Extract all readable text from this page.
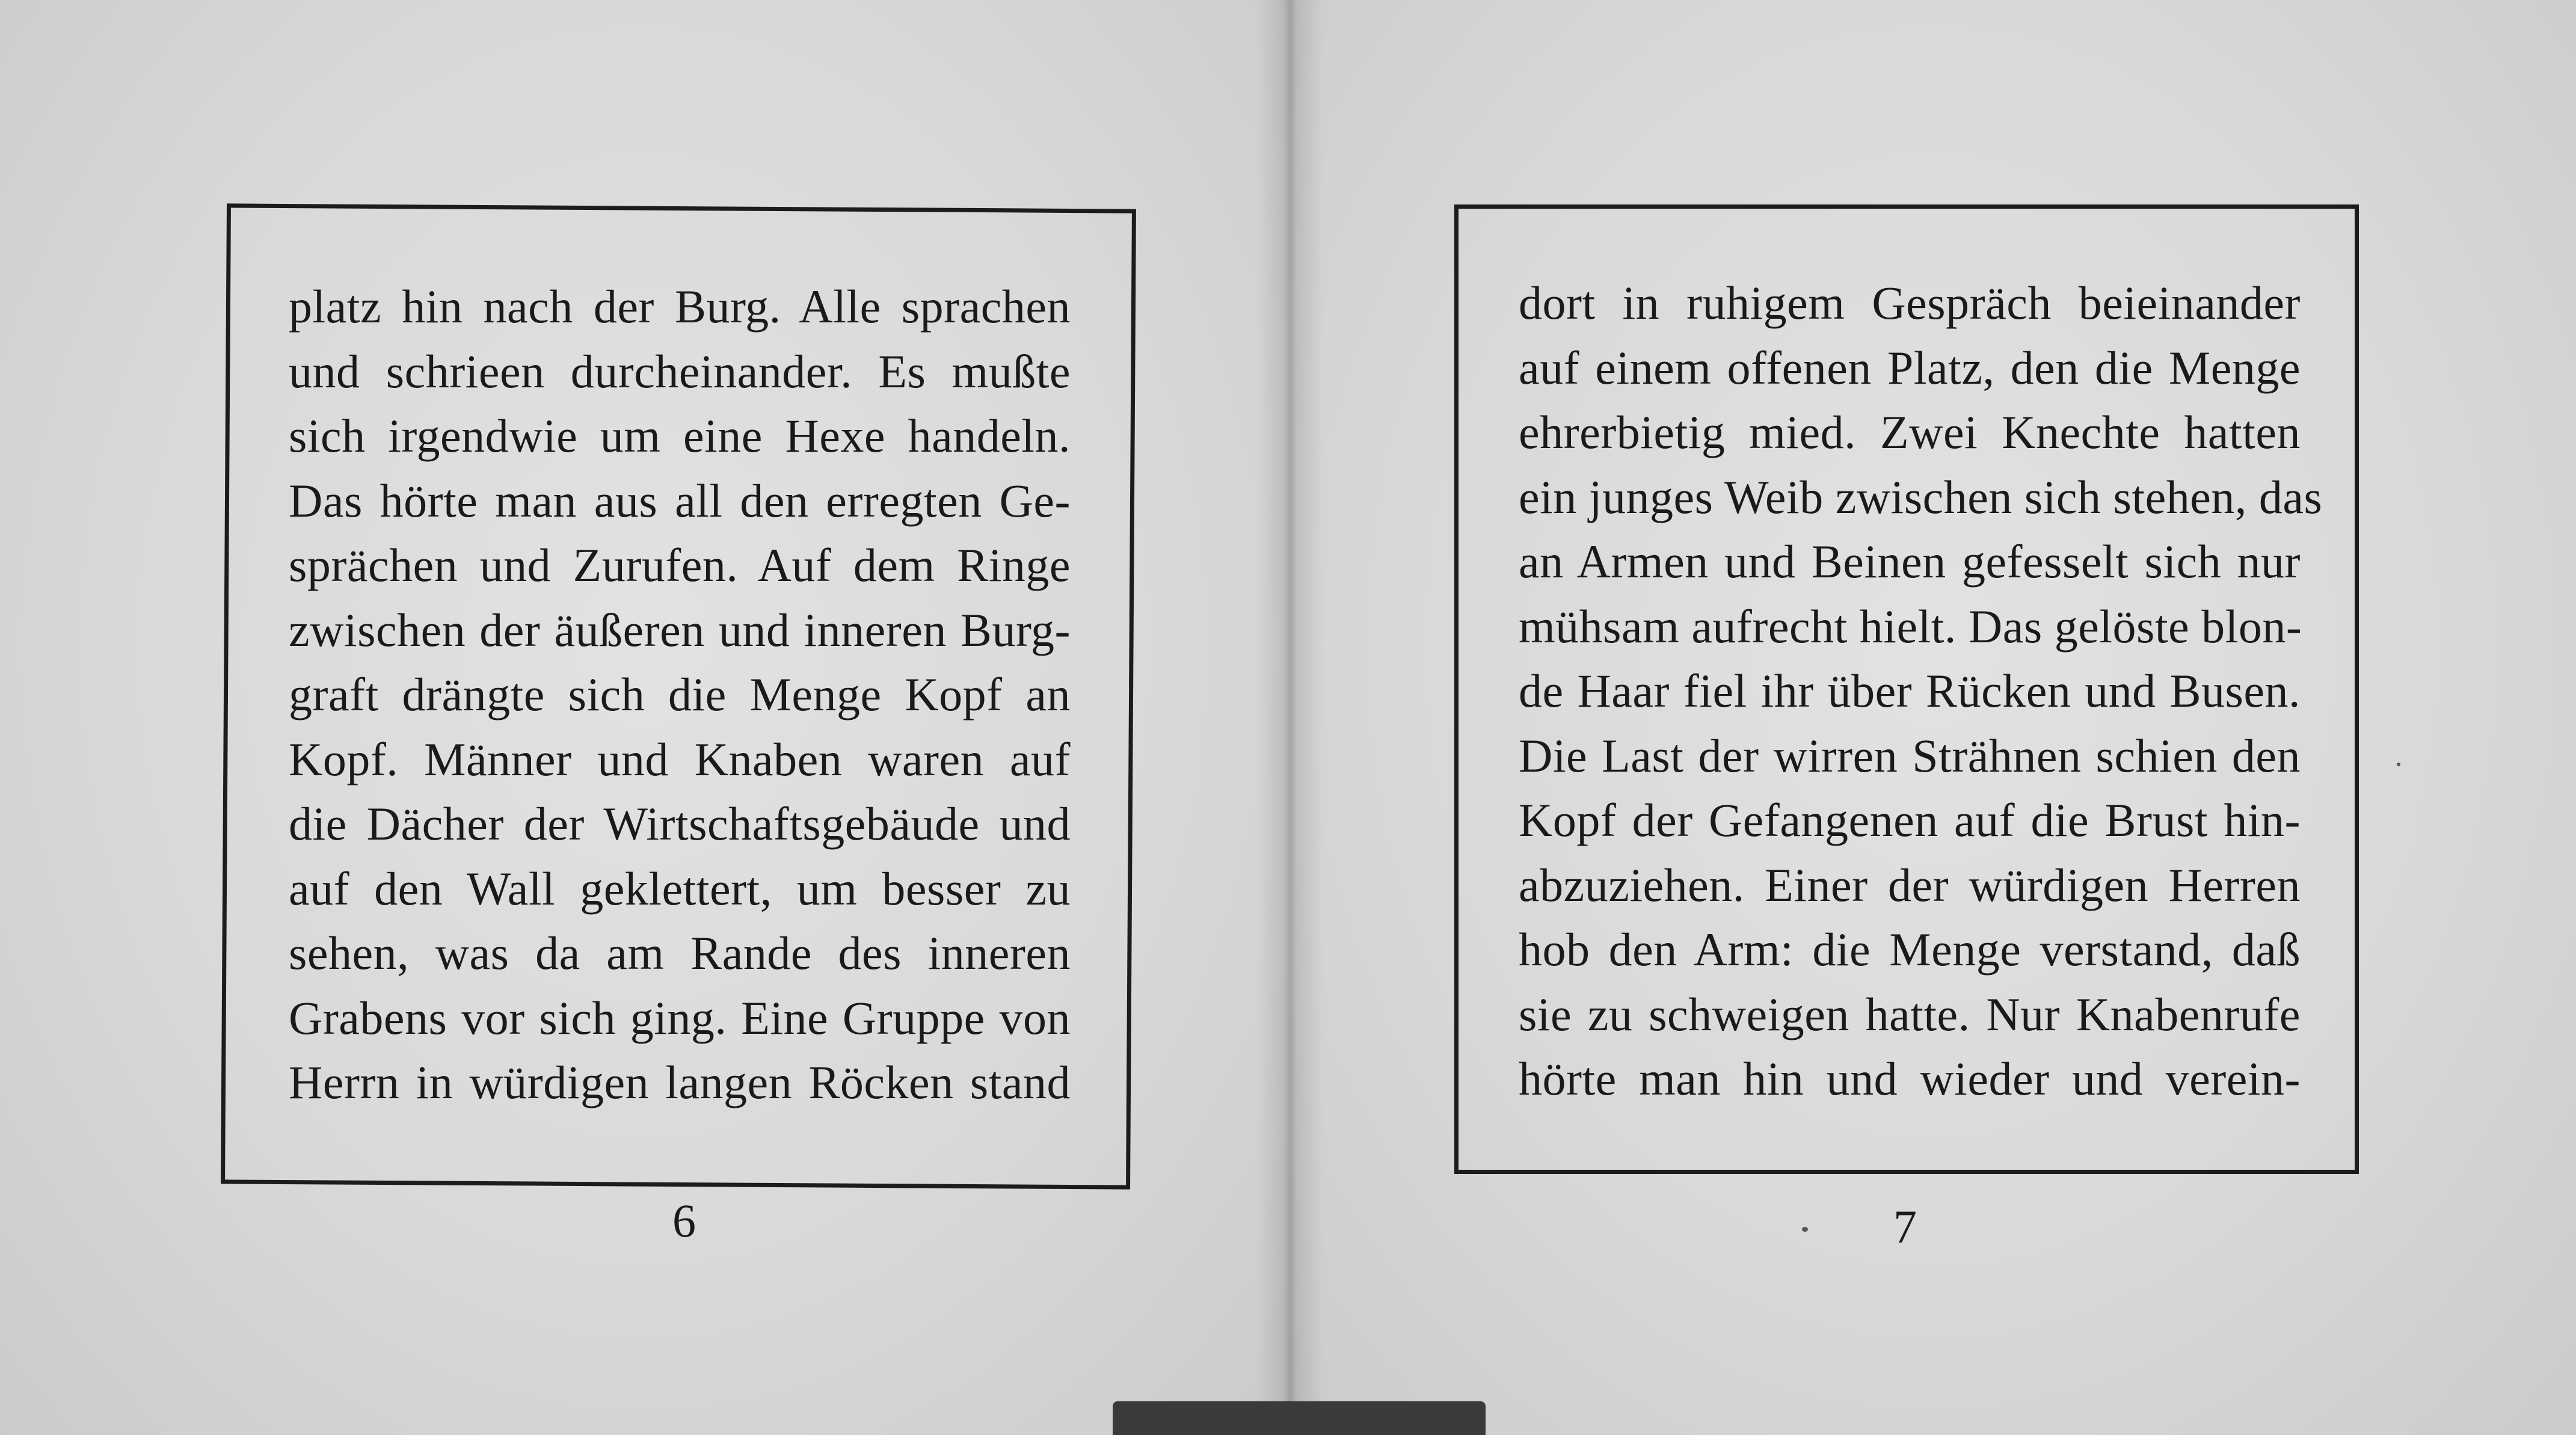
platz hin nach der Burg. Alle sprachen
und schrieen durcheinander. Es mußte
sich irgendwie um eine Hexe handeln.
Das hörte man aus all den erregten Ge-
sprächen und Zurufen. Auf dem Ringe
zwischen der äußeren und inneren Burg-
graft drängte sich die Menge Kopf an
Kopf. Männer und Knaben waren auf
die Dächer der Wirtschaftsgebäude und
auf den Wall geklettert, um besser zu
sehen, was da am Rande des inneren
Grabens vor sich ging. Eine Gruppe von
Herrn in würdigen langen Röcken stand
dort in ruhigem Gespräch beieinander
auf einem offenen Platz, den die Menge
ehrerbietig mied. Zwei Knechte hatten
ein junges Weib zwischen sich stehen, das
an Armen und Beinen gefesselt sich nur
mühsam aufrecht hielt. Das gelöste blon-
de Haar fiel ihr über Rücken und Busen.
Die Last der wirren Strähnen schien den
Kopf der Gefangenen auf die Brust hin-
abzuziehen. Einer der würdigen Herren
hob den Arm: die Menge verstand, daß
sie zu schweigen hatte. Nur Knabenrufe
hörte man hin und wieder und verein-
6	7
